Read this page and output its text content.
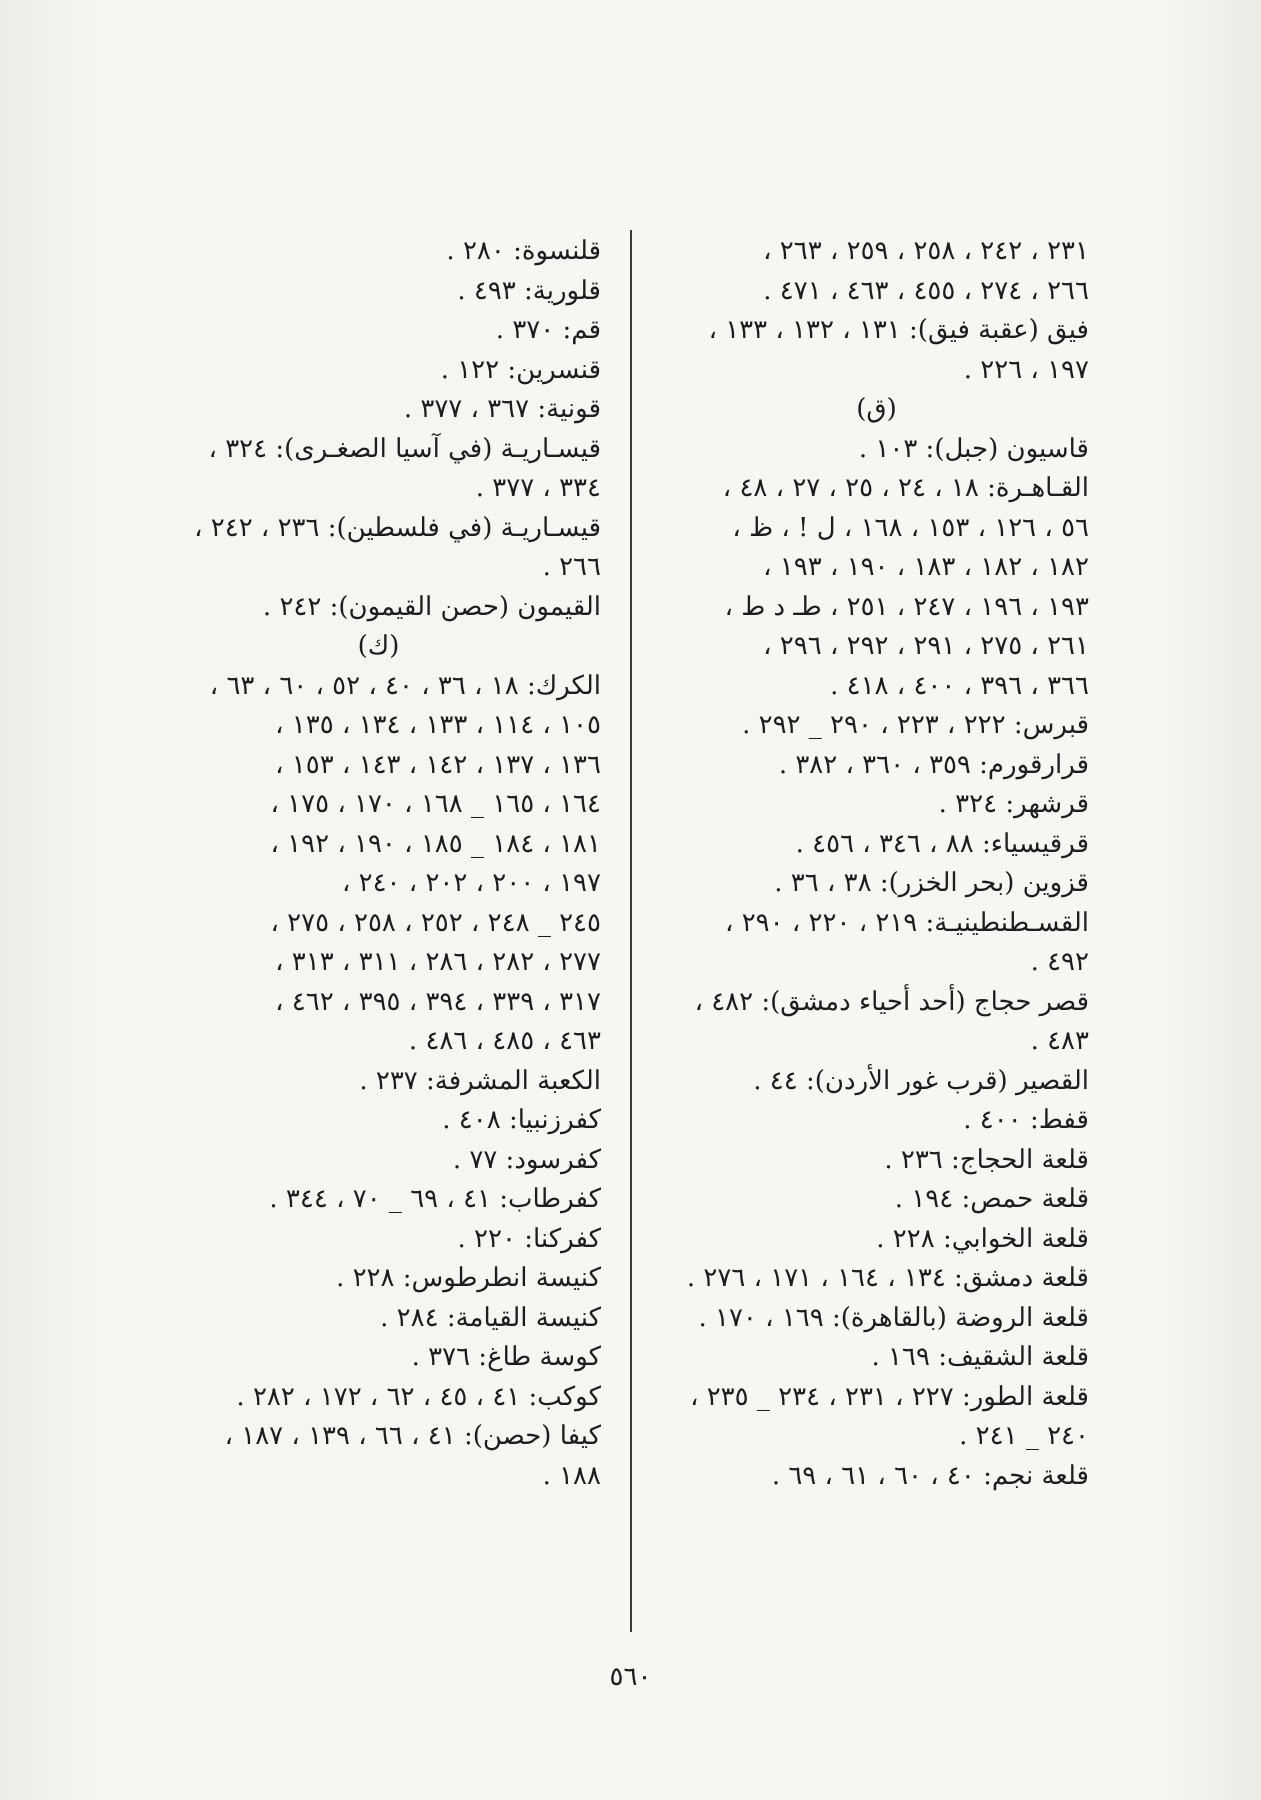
٢٣١ ، ٢٤٢ ، ٢٥٨ ، ٢٥٩ ، ٢٦٣ ،
٢٦٦ ، ٢٧٤ ، ٤٥٥ ، ٤٦٣ ، ٤٧١ .
فيق (عقبة فيق): ١٣١ ، ١٣٢ ، ١٣٣ ،
١٩٧ ، ٢٢٦ .
(ق)
قاسيون (جبل): ١٠٣ .
القـاهـرة: ١٨ ، ٢٤ ، ٢٥ ، ٢٧ ، ٤٨ ،
٥٦ ، ١٢٦ ، ١٥٣ ، ١٦٨ ، ل ! ، ظ ،
١٨٢ ، ١٨٢ ، ١٨٣ ، ١٩٠ ، ١٩٣ ،
١٩٣ ، ١٩٦ ، ٢٤٧ ، ٢٥١ ، طـ د ط ،
٢٦١ ، ٢٧٥ ، ٢٩١ ، ٢٩٢ ، ٢٩٦ ،
٣٦٦ ، ٣٩٦ ، ٤٠٠ ، ٤١٨ .
قبرس: ٢٢٢ ، ٢٢٣ ، ٢٩٠ _ ٢٩٢ .
قرارقورم: ٣٥٩ ، ٣٦٠ ، ٣٨٢ .
قرشهر: ٣٢٤ .
قرقيسياء: ٨٨ ، ٣٤٦ ، ٤٥٦ .
قزوين (بحر الخزر): ٣٨ ، ٣٦ .
القسـطنطينيـة: ٢١٩ ، ٢٢٠ ، ٢٩٠ ،
٤٩٢ .
قصر حجاج (أحد أحياء دمشق): ٤٨٢ ،
٤٨٣ .
القصير (قرب غور الأردن): ٤٤ .
قفط: ٤٠٠ .
قلعة الحجاج: ٢٣٦ .
قلعة حمص: ١٩٤ .
قلعة الخوابي: ٢٢٨ .
قلعة دمشق: ١٣٤ ، ١٦٤ ، ١٧١ ، ٢٧٦ .
قلعة الروضة (بالقاهرة): ١٦٩ ، ١٧٠ .
قلعة الشقيف: ١٦٩ .
قلعة الطور: ٢٢٧ ، ٢٣١ ، ٢٣٤ _ ٢٣٥ ،
٢٤٠ _ ٢٤١ .
قلعة نجم: ٤٠ ، ٦٠ ، ٦١ ، ٦٩ .
قلنسوة: ٢٨٠ .
قلورية: ٤٩٣ .
قم: ٣٧٠ .
قنسرين: ١٢٢ .
قونية: ٣٦٧ ، ٣٧٧ .
قيسـاريـة (في آسيا الصغـرى): ٣٢٤ ،
٣٣٤ ، ٣٧٧ .
قيسـاريـة (في فلسطين): ٢٣٦ ، ٢٤٢ ،
٢٦٦ .
القيمون (حصن القيمون): ٢٤٢ .
(ك)
الكرك: ١٨ ، ٣٦ ، ٤٠ ، ٥٢ ، ٦٠ ، ٦٣ ،
١٠٥ ، ١١٤ ، ١٣٣ ، ١٣٤ ، ١٣٥ ،
١٣٦ ، ١٣٧ ، ١٤٢ ، ١٤٣ ، ١٥٣ ،
١٦٤ ، ١٦٥ _ ١٦٨ ، ١٧٠ ، ١٧٥ ،
١٨١ ، ١٨٤ _ ١٨٥ ، ١٩٠ ، ١٩٢ ،
١٩٧ ، ٢٠٠ ، ٢٠٢ ، ٢٤٠ ،
٢٤٥ _ ٢٤٨ ، ٢٥٢ ، ٢٥٨ ، ٢٧٥ ،
٢٧٧ ، ٢٨٢ ، ٢٨٦ ، ٣١١ ، ٣١٣ ،
٣١٧ ، ٣٣٩ ، ٣٩٤ ، ٣٩٥ ، ٤٦٢ ،
٤٦٣ ، ٤٨٥ ، ٤٨٦ .
الكعبة المشرفة: ٢٣٧ .
كفرزنبيا: ٤٠٨ .
كفرسود: ٧٧ .
كفرطاب: ٤١ ، ٦٩ _ ٧٠ ، ٣٤٤ .
كفركنا: ٢٢٠ .
كنيسة انطرطوس: ٢٢٨ .
كنيسة القيامة: ٢٨٤ .
كوسة طاغ: ٣٧٦ .
كوكب: ٤١ ، ٤٥ ، ٦٢ ، ١٧٢ ، ٢٨٢ .
كيفا (حصن): ٤١ ، ٦٦ ، ١٣٩ ، ١٨٧ ،
١٨٨ .
٥٦٠
